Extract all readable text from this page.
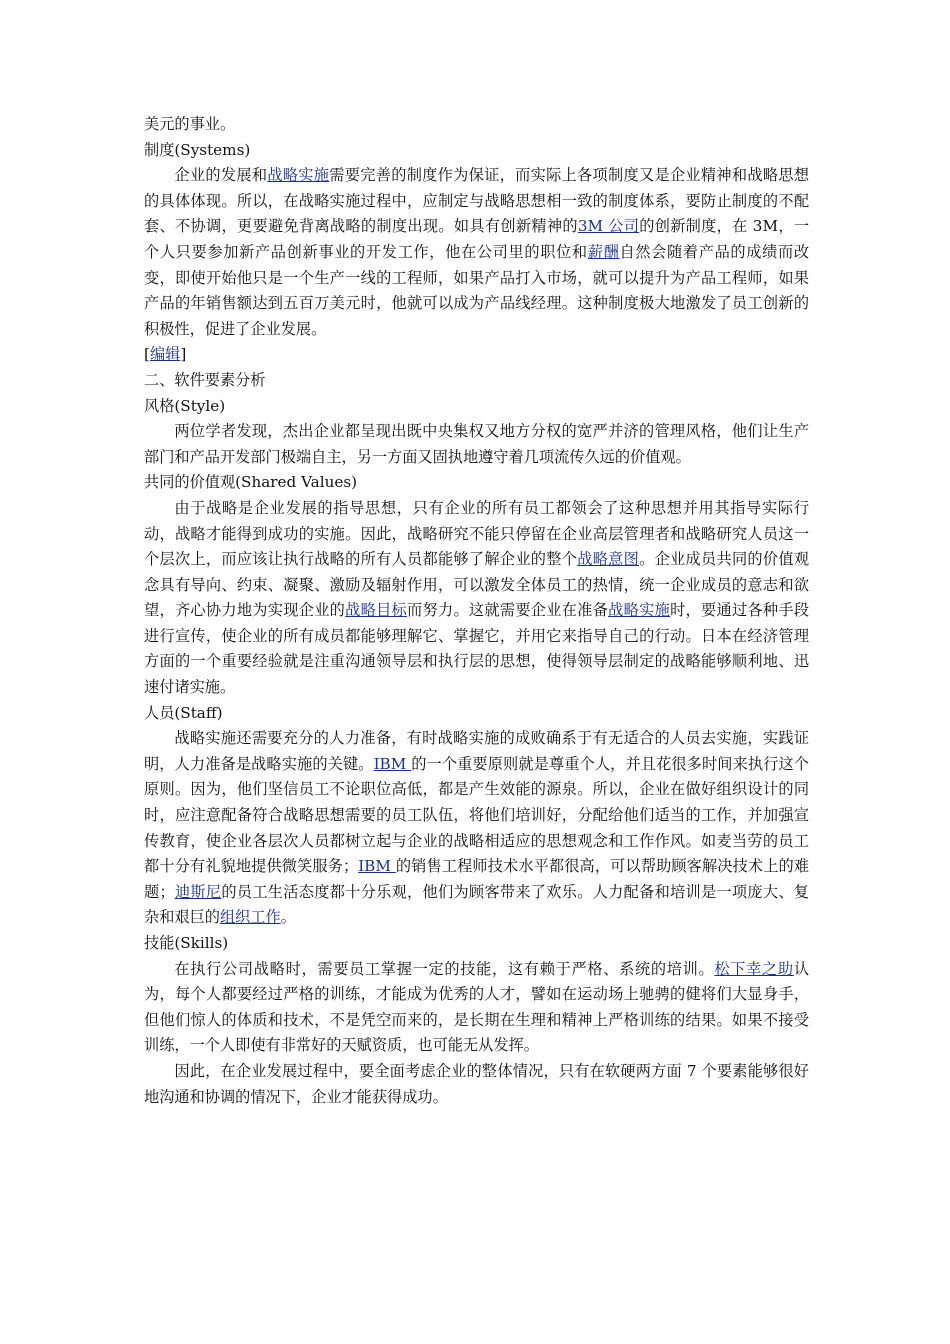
美元的事业。

制度(Systems)

企业的发展和战略实施需要完善的制度作为保证，而实际上各项制度又是企业精神和战略思想的具体体现。所以，在战略实施过程中，应制定与战略思想相一致的制度体系，要防止制度的不配套、不协调，更要避免背离战略的制度出现。如具有创新精神的3M 公司的创新制度，在 3M，一个人只要参加新产品创新事业的开发工作，他在公司里的职位和薪酬自然会随着产品的成绩而改变，即使开始他只是一个生产一线的工程师，如果产品打入市场，就可以提升为产品工程师，如果产品的年销售额达到五百万美元时，他就可以成为产品线经理。这种制度极大地激发了员工创新的积极性，促进了企业发展。

[编辑]

二、软件要素分析

风格(Style)

两位学者发现，杰出企业都呈现出既中央集权又地方分权的宽严并济的管理风格，他们让生产部门和产品开发部门极端自主，另一方面又固执地遵守着几项流传久远的价值观。

共同的价值观(Shared Values)

由于战略是企业发展的指导思想，只有企业的所有员工都领会了这种思想并用其指导实际行动，战略才能得到成功的实施。因此，战略研究不能只停留在企业高层管理者和战略研究人员这一个层次上，而应该让执行战略的所有人员都能够了解企业的整个战略意图。企业成员共同的价值观念具有导向、约束、凝聚、激励及辐射作用，可以激发全体员工的热情，统一企业成员的意志和欲望，齐心协力地为实现企业的战略目标而努力。这就需要企业在准备战略实施时，要通过各种手段进行宣传，使企业的所有成员都能够理解它、掌握它，并用它来指导自己的行动。日本在经济管理方面的一个重要经验就是注重沟通领导层和执行层的思想，使得领导层制定的战略能够顺利地、迅速付诸实施。

人员(Staff)

战略实施还需要充分的人力准备，有时战略实施的成败确系于有无适合的人员去实施，实践证明，人力准备是战略实施的关键。IBM 的一个重要原则就是尊重个人，并且花很多时间来执行这个原则。因为，他们坚信员工不论职位高低，都是产生效能的源泉。所以，企业在做好组织设计的同时，应注意配备符合战略思想需要的员工队伍，将他们培训好，分配给他们适当的工作，并加强宣传教育，使企业各层次人员都树立起与企业的战略相适应的思想观念和工作作风。如麦当劳的员工都十分有礼貌地提供微笑服务；IBM 的销售工程师技术水平都很高，可以帮助顾客解决技术上的难题；迪斯尼的员工生活态度都十分乐观，他们为顾客带来了欢乐。人力配备和培训是一项庞大、复杂和艰巨的组织工作。

技能(Skills)

在执行公司战略时，需要员工掌握一定的技能，这有赖于严格、系统的培训。松下幸之助认为，每个人都要经过严格的训练，才能成为优秀的人才，譬如在运动场上驰骋的健将们大显身手，但他们惊人的体质和技术，不是凭空而来的，是长期在生理和精神上严格训练的结果。如果不接受训练，一个人即使有非常好的天赋资质，也可能无从发挥。

因此，在企业发展过程中，要全面考虑企业的整体情况，只有在软硬两方面 7 个要素能够很好地沟通和协调的情况下，企业才能获得成功。
